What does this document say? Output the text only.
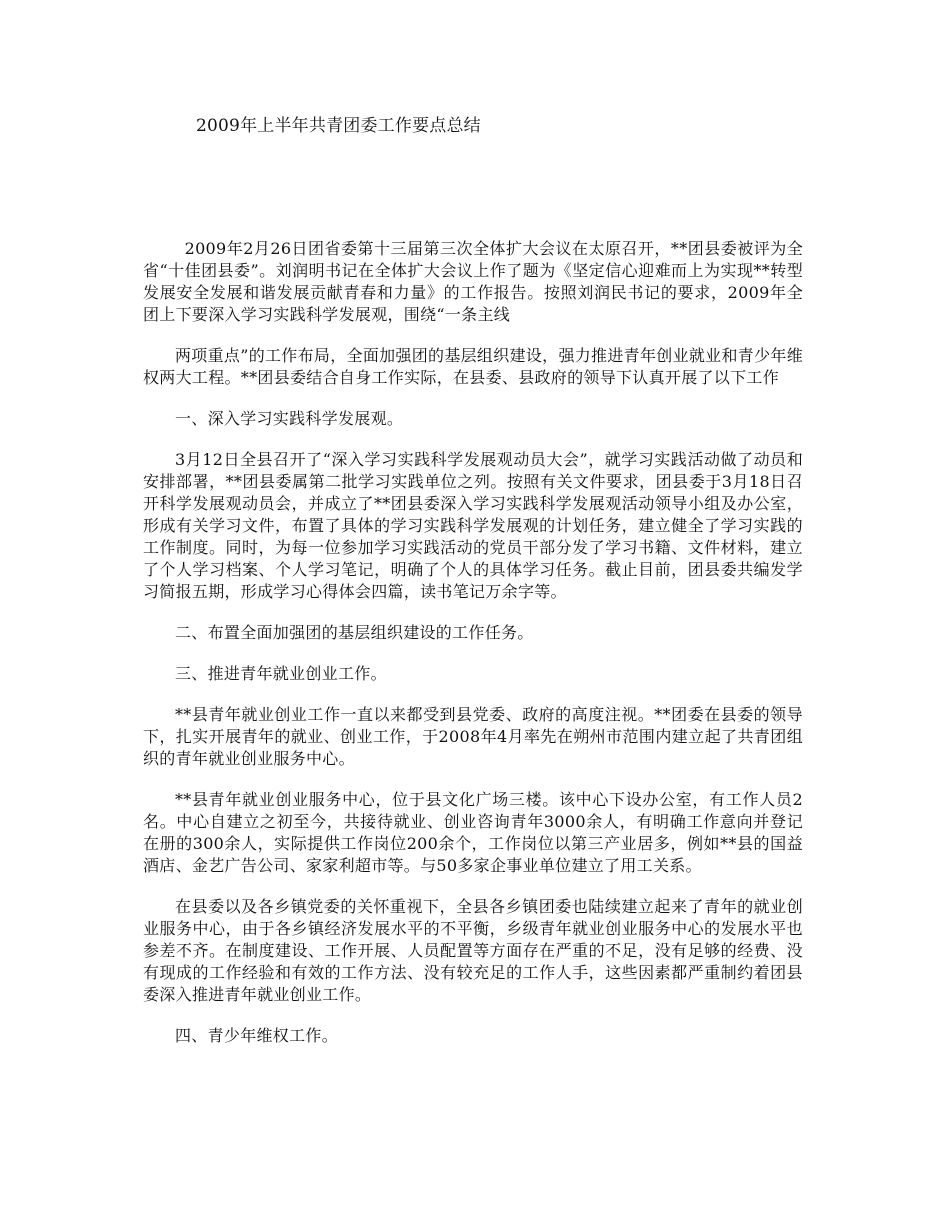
2009年上半年共青团委工作要点总结

2009年2月26日团省委第十三届第三次全体扩大会议在太原召开，**团县委被评为全省“十佳团县委”。刘润明书记在全体扩大会议上作了题为《坚定信心迎难而上为实现**转型发展安全发展和谐发展贡献青春和力量》的工作报告。按照刘润民书记的要求，2009年全团上下要深入学习实践科学发展观，围绕“一条主线

两项重点”的工作布局，全面加强团的基层组织建设，强力推进青年创业就业和青少年维权两大工程。**团县委结合自身工作实际，在县委、县政府的领导下认真开展了以下工作

一、深入学习实践科学发展观。

3月12日全县召开了“深入学习实践科学发展观动员大会”，就学习实践活动做了动员和安排部署，**团县委属第二批学习实践单位之列。按照有关文件要求，团县委于3月18日召开科学发展观动员会，并成立了**团县委深入学习实践科学发展观活动领导小组及办公室，形成有关学习文件，布置了具体的学习实践科学发展观的计划任务，建立健全了学习实践的工作制度。同时，为每一位参加学习实践活动的党员干部分发了学习书籍、文件材料，建立了个人学习档案、个人学习笔记，明确了个人的具体学习任务。截止目前，团县委共编发学习简报五期，形成学习心得体会四篇，读书笔记万余字等。

二、布置全面加强团的基层组织建设的工作任务。

三、推进青年就业创业工作。

**县青年就业创业工作一直以来都受到县党委、政府的高度注视。**团委在县委的领导下，扎实开展青年的就业、创业工作，于2008年4月率先在朔州市范围内建立起了共青团组织的青年就业创业服务中心。

**县青年就业创业服务中心，位于县文化广场三楼。该中心下设办公室，有工作人员2名。中心自建立之初至今，共接待就业、创业咨询青年3000余人，有明确工作意向并登记在册的300余人，实际提供工作岗位200余个，工作岗位以第三产业居多，例如**县的国益酒店、金艺广告公司、家家利超市等。与50多家企事业单位建立了用工关系。

在县委以及各乡镇党委的关怀重视下，全县各乡镇团委也陆续建立起来了青年的就业创业服务中心，由于各乡镇经济发展水平的不平衡，乡级青年就业创业服务中心的发展水平也参差不齐。在制度建设、工作开展、人员配置等方面存在严重的不足，没有足够的经费、没有现成的工作经验和有效的工作方法、没有较充足的工作人手，这些因素都严重制约着团县委深入推进青年就业创业工作。

四、青少年维权工作。
